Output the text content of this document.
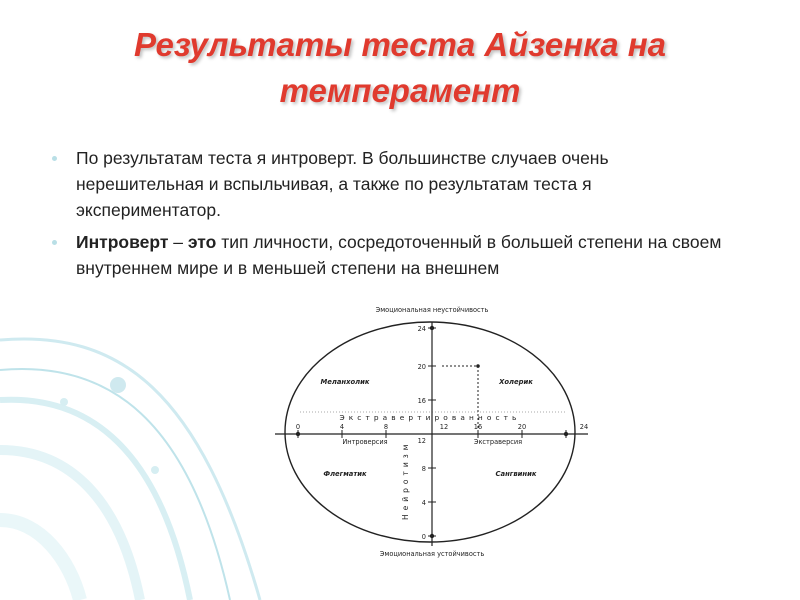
Результаты теста Айзенка на
темперамент
По результатам теста я интроверт. В большинстве случаев очень нерешительная и вспыльчивая, а также по результатам теста я экспериментатор.
Интроверт – это тип личности, сосредоточенный в большей степени на своем внутреннем мире и в меньшей степени на внешнем
Эмоциональная неустойчивость
Эмоциональная устойчивость
Интроверсия	Экстраверсия
Экстравертированность
Нейротизм
Меланхолик	Холерик
Флегматик	Сангвиник
0	4	8	12	16	20	24
24
20
16
12
8
4
0
